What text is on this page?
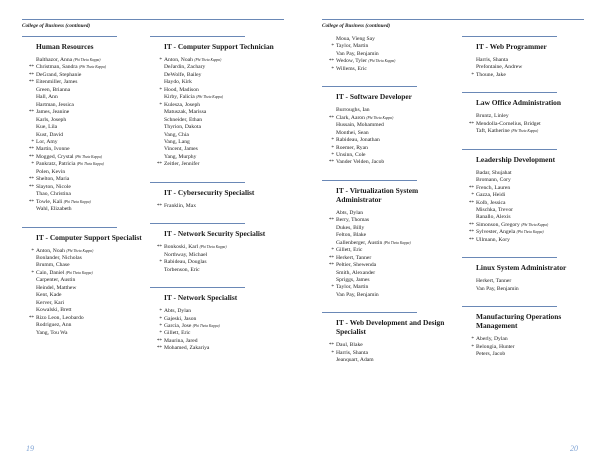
College of Business (continued)
Human Resources
Balthazor, Anna (Phi Theta Kappa)
** Christman, Sandra (Phi Theta Kappa)
** DeGrand, Stephanie
** Eitenmiller, James
Green, Brianna
Hall, Ann
Hartman, Jessica
** James, Jeanine
Karls, Joseph
Kue, Lila
Kust, David
* Lor, Amy
** Martin, Ivonne
** Mogged, Crystal (Phi Theta Kappa)
* Pankratz, Patricia (Phi Theta Kappa)
Polen, Kevin
** Shelton, Maria
** Slayton, Nicole
Thao, Christina
** Towle, Kali (Phi Theta Kappa)
Wahl, Elizabeth
IT - Computer Support Specialist
* Anton, Noah (Phi Theta Kappa)
Bonlander, Nicholas
Brumm, Chase
* Cain, Daniel (Phi Theta Kappa)
Carpenter, Austin
Heindel, Matthew
Kent, Kade
Kerver, Kari
Kowalski, Brett
** Rizo Leon, Leobardo
Rodriguez, Ann
Yang, Tou Wa
IT - Computer Support Technician
* Anton, Noah (Phi Theta Kappa)
DeJardin, Zachary
DeWolfe, Bailey
Haydo, Kirk
* Hood, Madison
Kirby, Falicia (Phi Theta Kappa)
* Kulesza, Joseph
Matuszak, Marissa
Schneider, Ethan
Thyrion, Dakota
Vang, Chia
Vang, Lang
Vincent, James
Yang, Murphy
** Zeitler, Jennifer
IT - Cybersecurity Specialist
** Franklin, Max
IT - Network Security Specialist
** Bonkoski, Karl (Phi Theta Kappa)
Northway, Michael
* Rabideau, Douglas
Torbenson, Eric
IT - Network Specialist
* Abts, Dylan
* Gajeski, Jason
* Garcia, Jose (Phi Theta Kappa)
* Gillett, Eric
** Maurina, Jared
** Mohamed, Zakariya
19
College of Business (continued)
Moua, Vieng Say
* Taylor, Martin
Van Pay, Benjamin
** Wedow, Tyler (Phi Theta Kappa)
* Willems, Eric
IT - Software Developer
Burroughs, Ian
** Clark, Aaron (Phi Theta Kappa)
Hussain, Mohammed
Monthei, Sean
* Rabideau, Jonathan
* Roemer, Ryan
* Unsinn, Cole
** Vander Velden, Jacob
IT - Virtualization System Administrator
Abts, Dylan
** Berry, Thomas
Dukes, Billy
Felton, Blake
Gallenberger, Austin (Phi Theta Kappa)
* Gillett, Eric
** Herkert, Tanner
** Peltier, Shewenda
Smith, Alexander
Spriggs, James
* Taylor, Martin
Van Pay, Benjamin
IT - Web Development and Design Specialist
** Daul, Blake
* Harris, Shanta
Jeanquart, Adam
IT - Web Programmer
Harris, Shanta
Prefontaine, Andrew
* Thoune, Jake
Law Office Administration
Bruntz, Linley
** Mendolla-Cornelius, Bridget
Taft, Katherine (Phi Theta Kappa)
Leadership Development
Badar, Shujahat
Bromann, Cory
** French, Lauren
* Gazza, Heidi
** Kolb, Jessica
Mischka, Trevor
Ranallo, Alexis
** Simonson, Gregory (Phi Theta Kappa)
** Sylvester, Angela (Phi Theta Kappa)
** Ullmann, Kory
Linux System Administrator
Herkert, Tanner
Van Pay, Benjamin
Manufacturing Operations Management
* Aberly, Dylan
* Belongia, Hunter
Peters, Jacob
20
